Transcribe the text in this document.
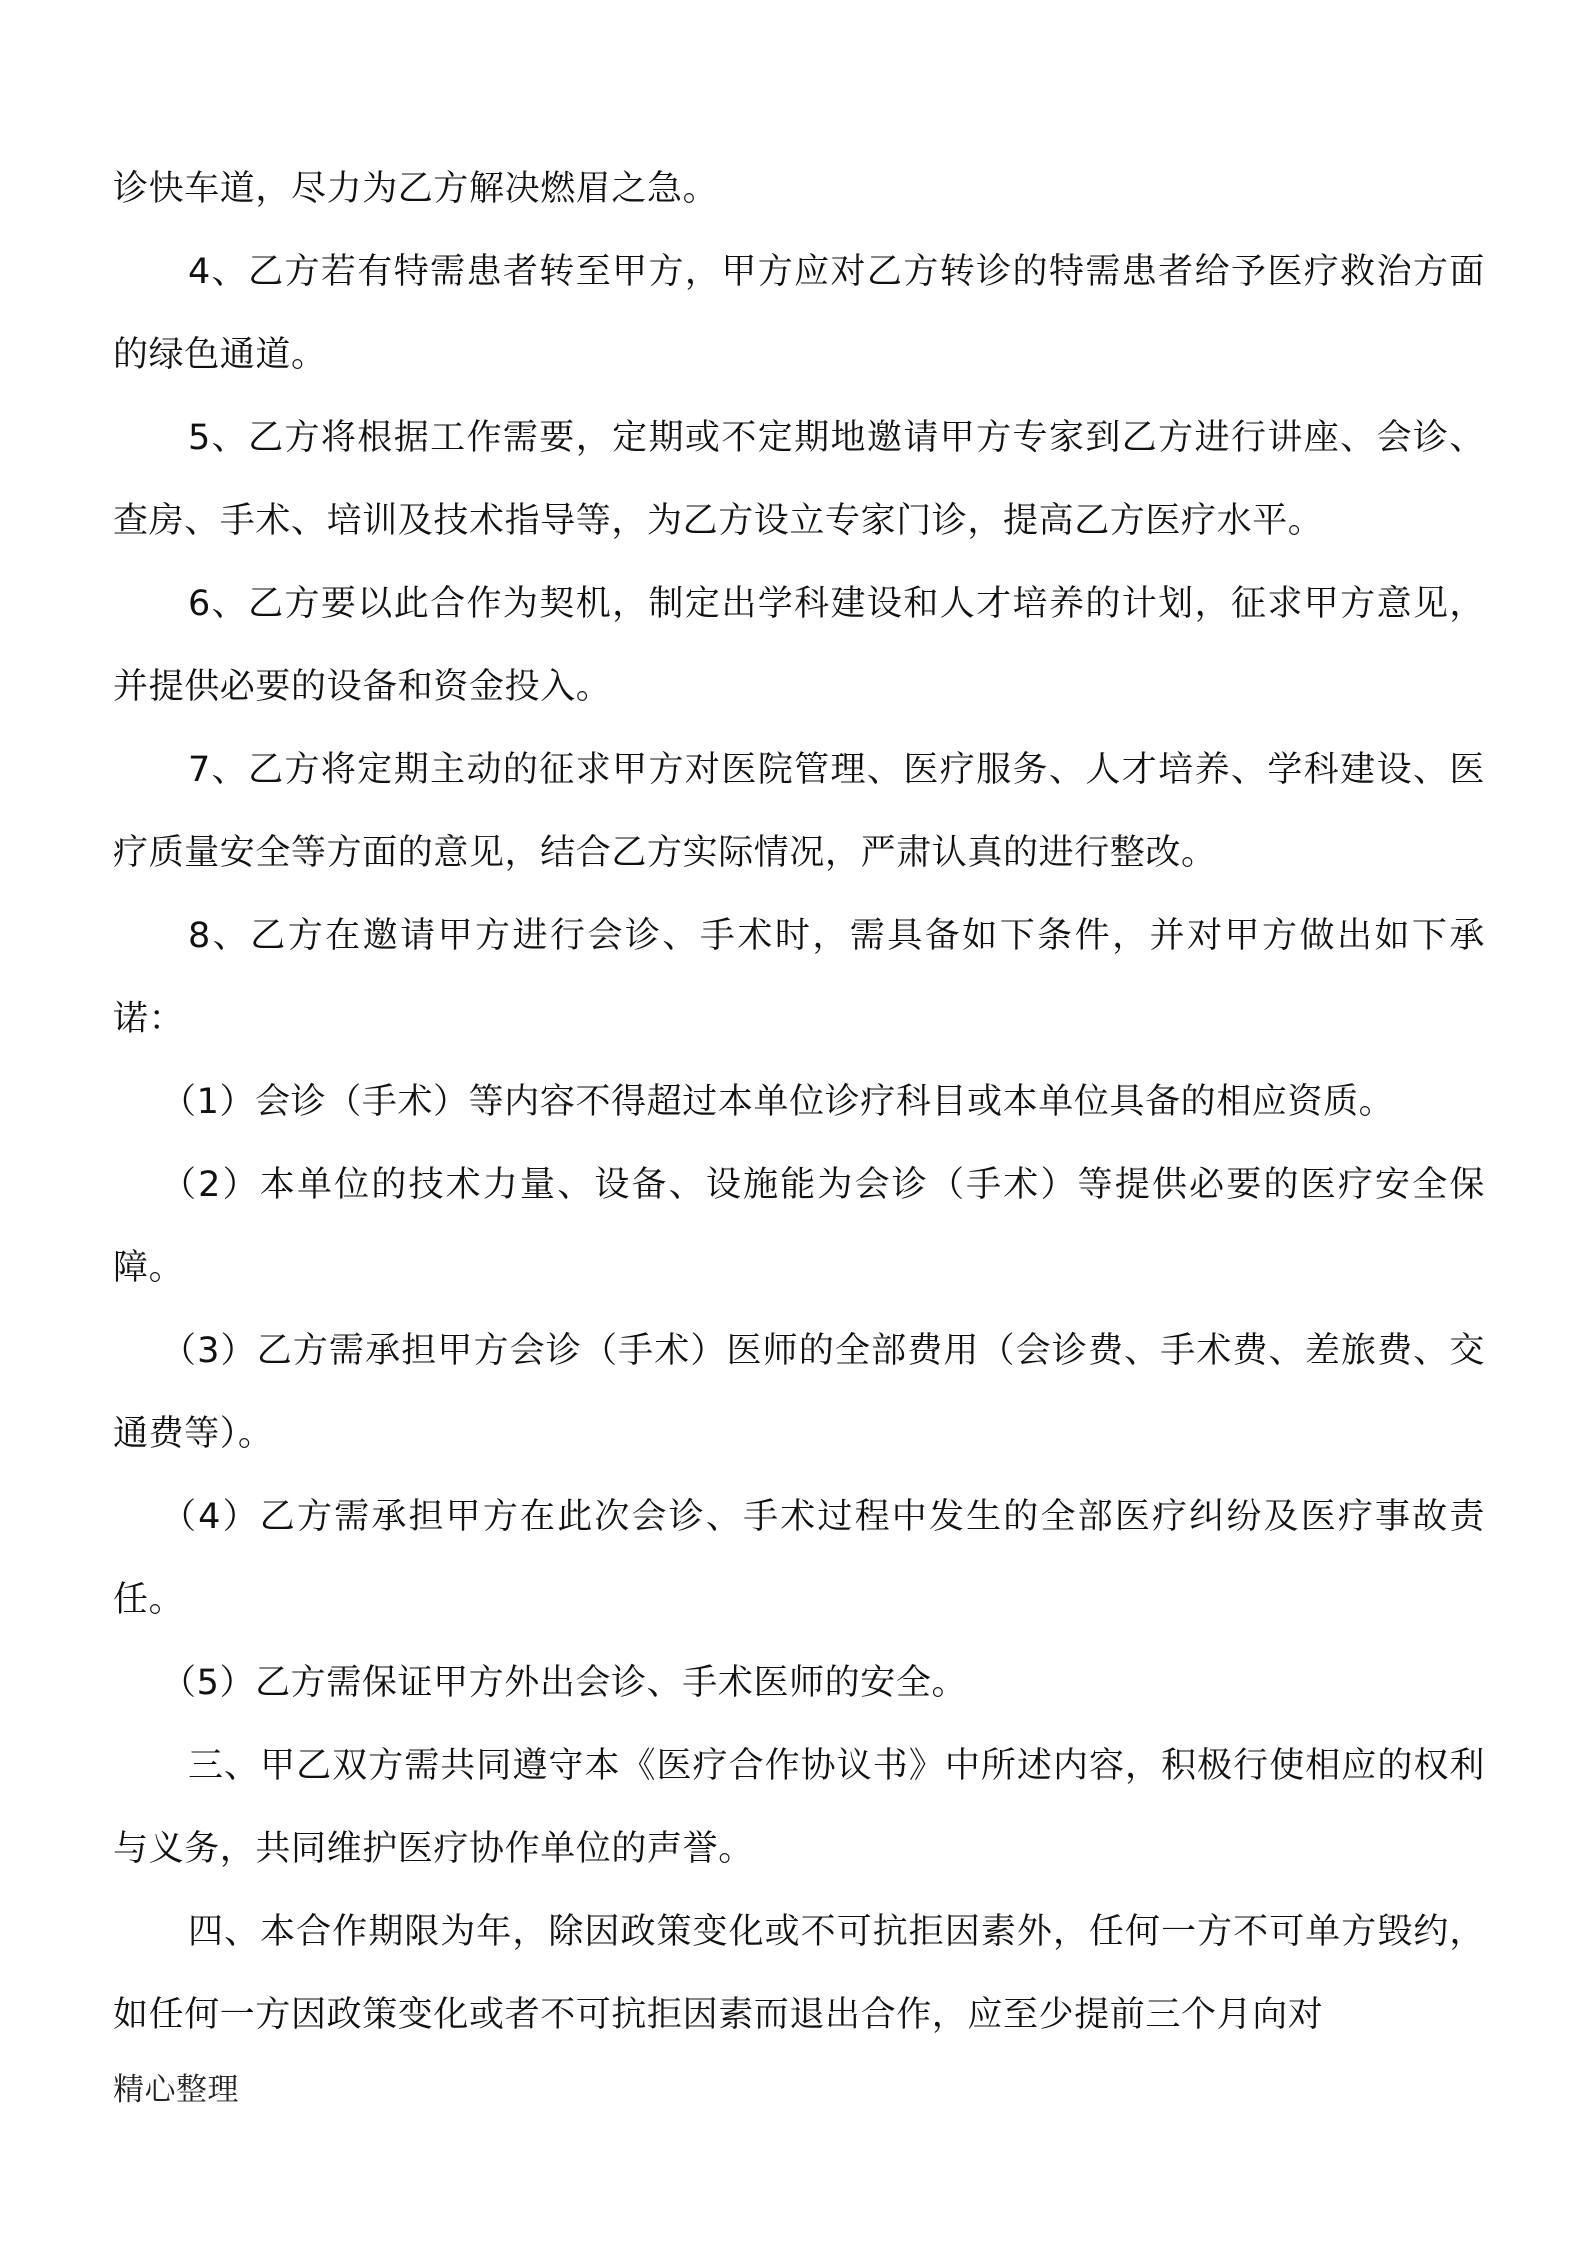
诊快车道，尽力为乙方解决燃眉之急。

4、乙方若有特需患者转至甲方，甲方应对乙方转诊的特需患者给予医疗救治方面的绿色通道。

5、乙方将根据工作需要，定期或不定期地邀请甲方专家到乙方进行讲座、会诊、查房、手术、培训及技术指导等，为乙方设立专家门诊，提高乙方医疗水平。

6、乙方要以此合作为契机，制定出学科建设和人才培养的计划，征求甲方意见，并提供必要的设备和资金投入。

7、乙方将定期主动的征求甲方对医院管理、医疗服务、人才培养、学科建设、医疗质量安全等方面的意见，结合乙方实际情况，严肃认真的进行整改。

8、乙方在邀请甲方进行会诊、手术时，需具备如下条件，并对甲方做出如下承诺：

（1）会诊（手术）等内容不得超过本单位诊疗科目或本单位具备的相应资质。

（2）本单位的技术力量、设备、设施能为会诊（手术）等提供必要的医疗安全保障。

（3）乙方需承担甲方会诊（手术）医师的全部费用（会诊费、手术费、差旅费、交通费等）。

（4）乙方需承担甲方在此次会诊、手术过程中发生的全部医疗纠纷及医疗事故责任。

（5）乙方需保证甲方外出会诊、手术医师的安全。

三、甲乙双方需共同遵守本《医疗合作协议书》中所述内容，积极行使相应的权利与义务，共同维护医疗协作单位的声誉。

四、本合作期限为年，除因政策变化或不可抗拒因素外，任何一方不可单方毁约，如任何一方因政策变化或者不可抗拒因素而退出合作，应至少提前三个月向对

精心整理
